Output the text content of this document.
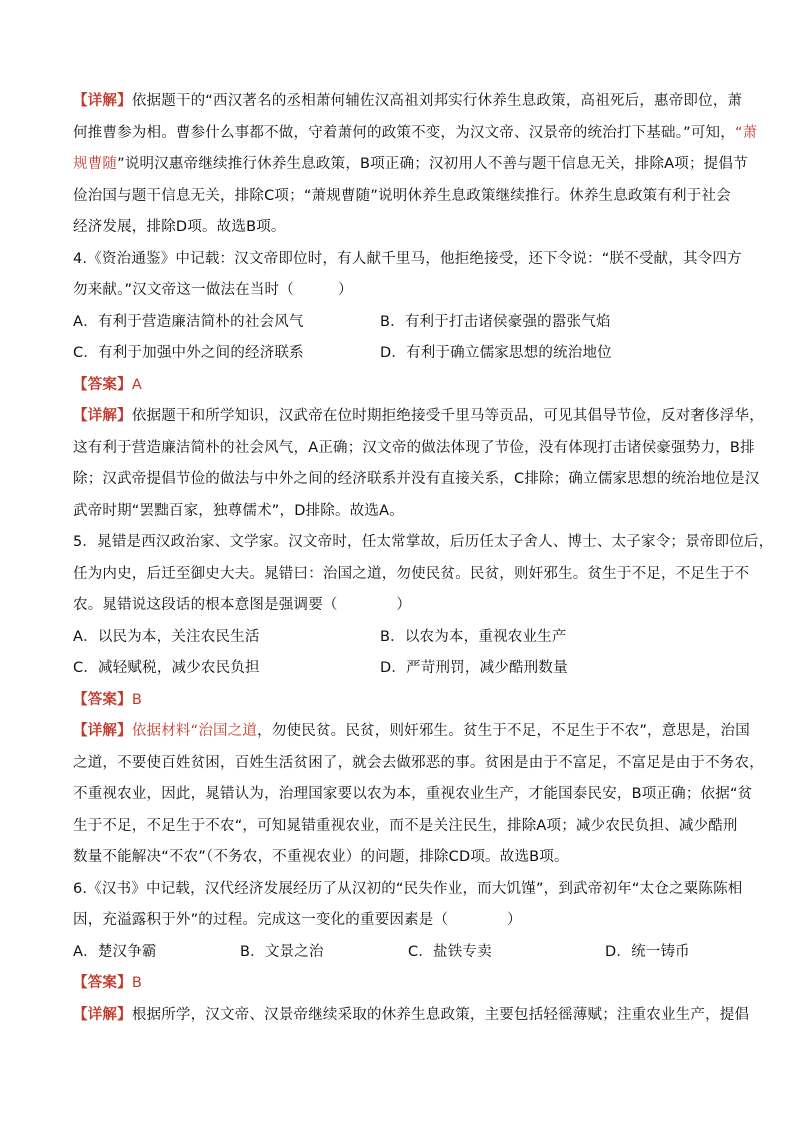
【详解】依据题干的“西汉著名的丞相萧何辅佐汉高祖刘邦实行休养生息政策，高祖死后，惠帝即位，萧
何推曹参为相。曹参什么事都不做，守着萧何的政策不变，为汉文帝、汉景帝的统治打下基础。”可知，“萧
规曹随”说明汉惠帝继续推行休养生息政策，B项正确；汉初用人不善与题干信息无关，排除A项；提倡节
俭治国与题干信息无关，排除C项；“萧规曹随”说明休养生息政策继续推行。休养生息政策有利于社会
经济发展，排除D项。故选B项。
4.《资治通鉴》中记载：汉文帝即位时，有人献千里马，他拒绝接受，还下令说：“朕不受献，其令四方
勿来献。”汉文帝这一做法在当时（　　　）
A．有利于营造廉洁简朴的社会风气	B．有利于打击诸侯豪强的嚣张气焰
C．有利于加强中外之间的经济联系	D．有利于确立儒家思想的统治地位
【答案】A
【详解】依据题干和所学知识，汉武帝在位时期拒绝接受千里马等贡品，可见其倡导节俭，反对奢侈浮华，
这有利于营造廉洁简朴的社会风气，A正确；汉文帝的做法体现了节俭，没有体现打击诸侯豪强势力，B排
除；汉武帝提倡节俭的做法与中外之间的经济联系并没有直接关系，C排除；确立儒家思想的统治地位是汉
武帝时期“罢黜百家，独尊儒术”，D排除。故选A。
5．晁错是西汉政治家、文学家。汉文帝时，任太常掌故，后历任太子舍人、博士、太子家令；景帝即位后，
任为内史，后迁至御史大夫。晁错曰：治国之道，勿使民贫。民贫，则奸邪生。贫生于不足，不足生于不
农。晁错说这段话的根本意图是强调要（　　　　）
A．以民为本，关注农民生活	B．以农为本，重视农业生产
C．减轻赋税，减少农民负担	D．严苛刑罚，减少酷刑数量
【答案】B
【详解】依据材料“治国之道，勿使民贫。民贫，则奸邪生。贫生于不足，不足生于不农”，意思是，治国
之道，不要使百姓贫困，百姓生活贫困了，就会去做邪恶的事。贫困是由于不富足，不富足是由于不务农，
不重视农业，因此，晁错认为，治理国家要以农为本，重视农业生产，才能国泰民安，B项正确；依据“贫
生于不足，不足生于不农“，可知晁错重视农业，而不是关注民生，排除A项；减少农民负担、减少酷刑
数量不能解决“不农”（不务农，不重视农业）的问题，排除CD项。故选B项。
6.《汉书》中记载，汉代经济发展经历了从汉初的“民失作业，而大饥馑”，到武帝初年“太仓之粟陈陈相
因，充溢露积于外”的过程。完成这一变化的重要因素是（　　　　）
A．楚汉争霸	B．文景之治	C．盐铁专卖	D．统一铸币
【答案】B
【详解】根据所学，汉文帝、汉景帝继续采取的休养生息政策，主要包括轻徭薄赋；注重农业生产，提倡
